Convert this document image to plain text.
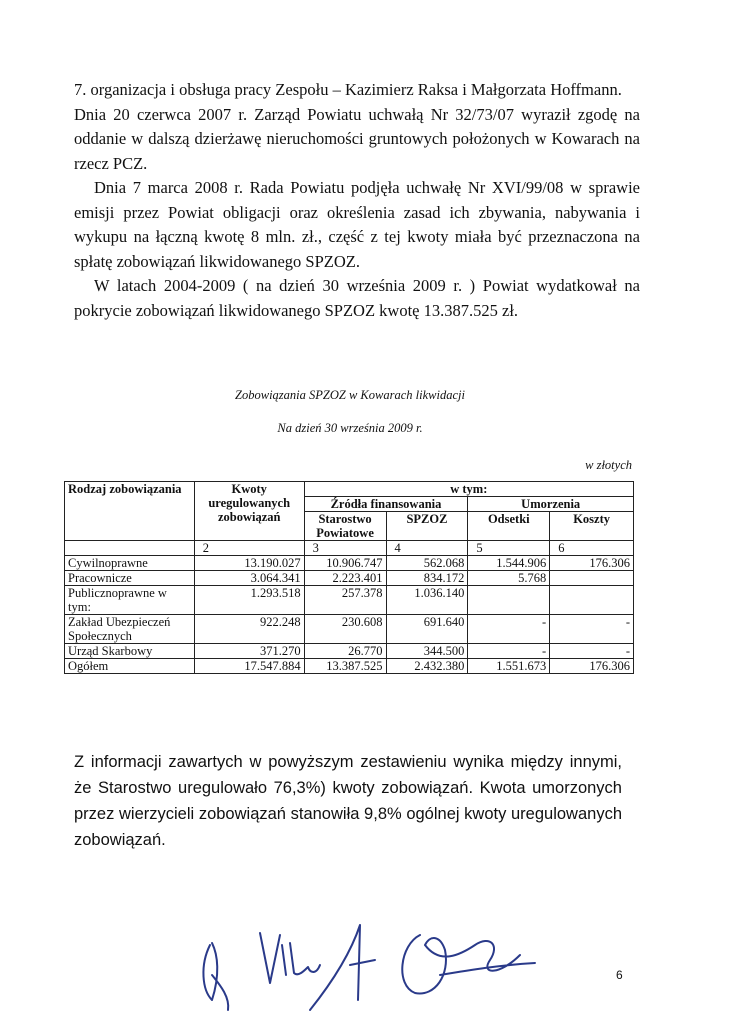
7. organizacja i obsługa pracy Zespołu – Kazimierz Raksa i Małgorzata Hoffmann.

Dnia 20 czerwca 2007 r. Zarząd Powiatu uchwałą Nr 32/73/07 wyraził zgodę na oddanie w dalszą dzierżawę nieruchomości gruntowych położonych w Kowarach na rzecz PCZ.

Dnia 7 marca 2008 r. Rada Powiatu podjęła uchwałę Nr XVI/99/08 w sprawie emisji przez Powiat obligacji oraz określenia zasad ich zbywania, nabywania i wykupu na łączną kwotę 8 mln. zł., część z tej kwoty miała być przeznaczona na spłatę zobowiązań likwidowanego SPZOZ.

W latach 2004-2009 ( na dzień 30 września 2009 r. ) Powiat wydatkował na pokrycie zobowiązań likwidowanego SPZOZ kwotę 13.387.525 zł.

Zobowiązania SPZOZ w Kowarach likwidacji
Na dzień 30 września 2009 r.
w złotych
Rodzaj zobowiązania	Kwoty uregulowanych zobowiązań	w tym:			
		Źródła finansowania		Umorzenia	
		Starostwo Powiatowe	SPZOZ	Odsetki	Koszty
	2	3	4	5	6
Cywilnoprawne	13.190.027	10.906.747	562.068	1.544.906	176.306
Pracownicze	3.064.341	2.223.401	834.172	5.768	
Publicznoprawne w tym:	1.293.518	257.378	1.036.140		
Zakład Ubezpieczeń Społecznych	922.248	230.608	691.640	-	-
Urząd Skarbowy	371.270	26.770	344.500	-	-
Ogółem	17.547.884	13.387.525	2.432.380	1.551.673	176.306

Z informacji zawartych w powyższym zestawieniu wynika między innymi, że Starostwo uregulowało 76,3%) kwoty zobowiązań. Kwota umorzonych przez wierzycieli zobowiązań stanowiła 9,8% ogólnej kwoty uregulowanych zobowiązań.

6
